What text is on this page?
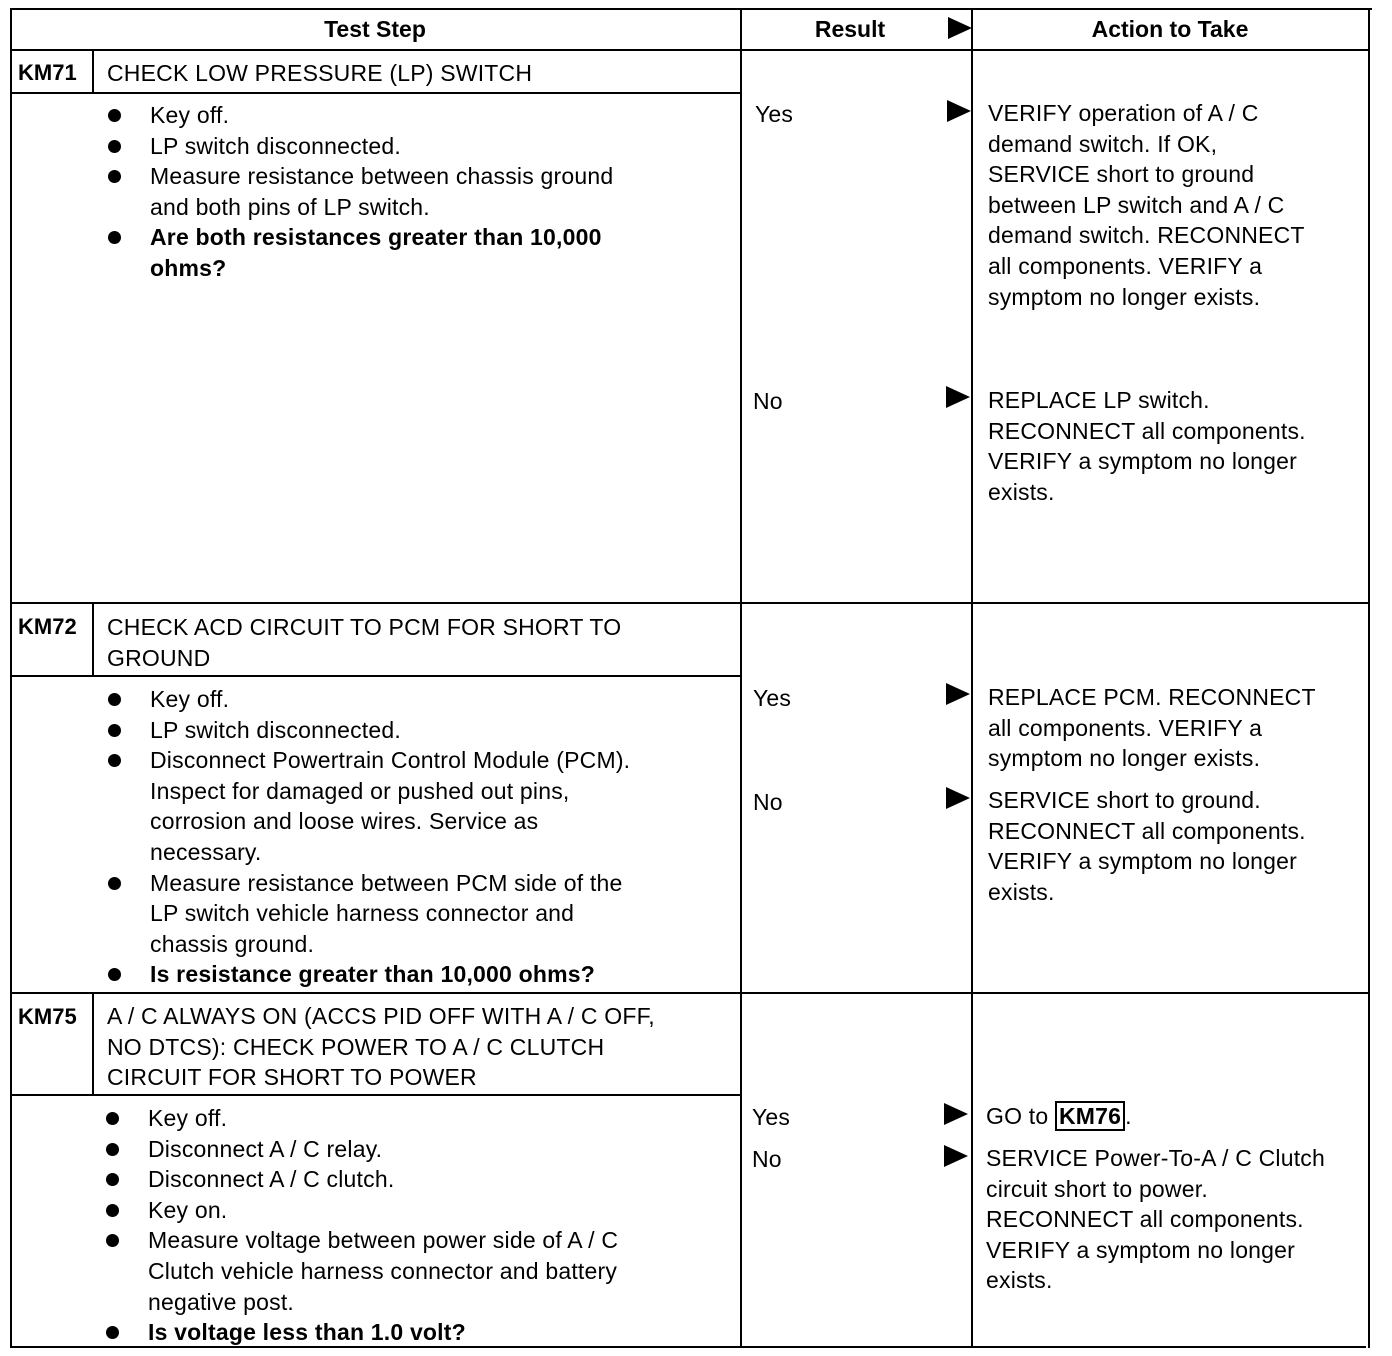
Test Step	Result	Action to Take
KM71 CHECK LOW PRESSURE (LP) SWITCH
Key off.
LP switch disconnected.
Measure resistance between chassis ground
and both pins of LP switch.
Are both resistances greater than 10,000
ohms?
Yes	VERIFY operation of A / C
demand switch. If OK,
SERVICE short to ground
between LP switch and A / C
demand switch. RECONNECT
all components. VERIFY a
symptom no longer exists.
No	REPLACE LP switch.
RECONNECT all components.
VERIFY a symptom no longer
exists.
KM72 CHECK ACD CIRCUIT TO PCM FOR SHORT TO
GROUND
Key off.
LP switch disconnected.
Disconnect Powertrain Control Module (PCM).
Inspect for damaged or pushed out pins,
corrosion and loose wires. Service as
necessary.
Measure resistance between PCM side of the
LP switch vehicle harness connector and
chassis ground.
Is resistance greater than 10,000 ohms?
Yes	REPLACE PCM. RECONNECT
all components. VERIFY a
symptom no longer exists.
No	SERVICE short to ground.
RECONNECT all components.
VERIFY a symptom no longer
exists.
KM75 A / C ALWAYS ON (ACCS PID OFF WITH A / C OFF,
NO DTCS): CHECK POWER TO A / C CLUTCH
CIRCUIT FOR SHORT TO POWER
Key off.
Disconnect A / C relay.
Disconnect A / C clutch.
Key on.
Measure voltage between power side of A / C
Clutch vehicle harness connector and battery
negative post.
Is voltage less than 1.0 volt?
Yes	GO to KM76 .
No	SERVICE Power-To-A / C Clutch
circuit short to power.
RECONNECT all components.
VERIFY a symptom no longer
exists.
